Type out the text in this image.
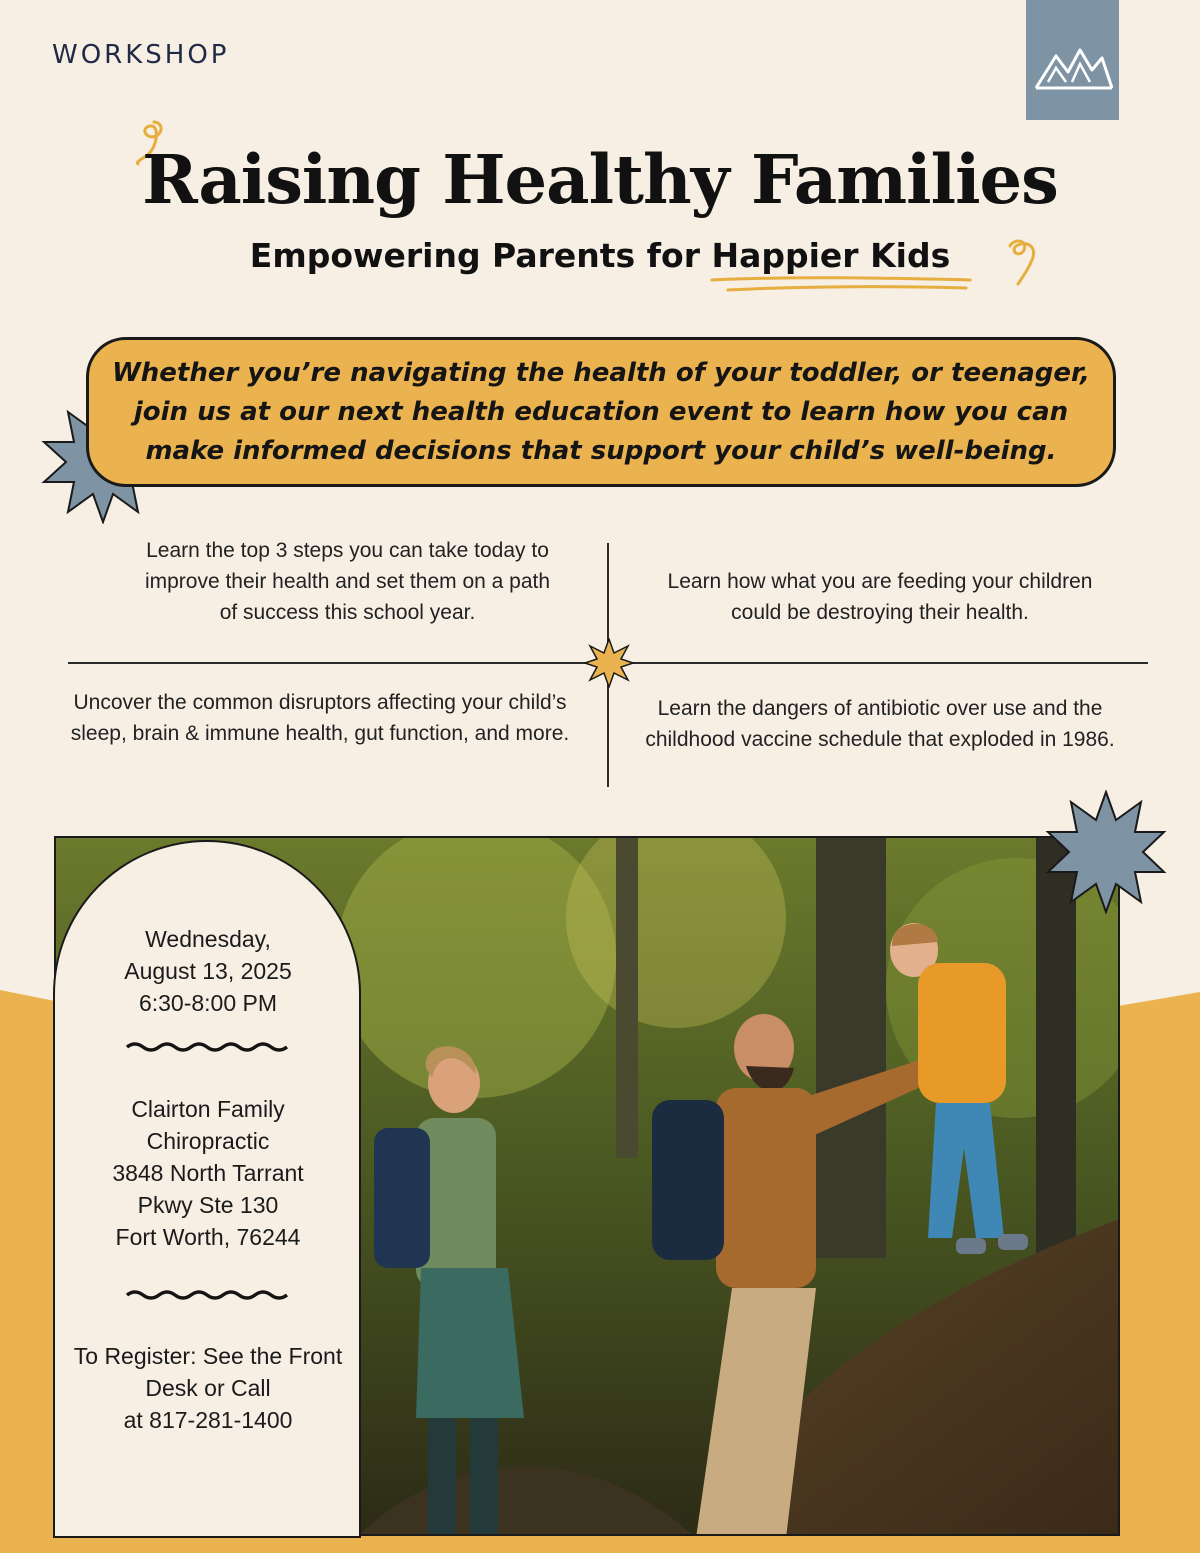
WORKSHOP
Raising Healthy Families
Empowering Parents for Happier Kids
Whether you’re navigating the health of your toddler, or teenager, join us at our next health education event to learn how you can make informed decisions that support your child’s well-being.
Learn the top 3 steps you can take today to improve their health and set them on a path of success this school year.
Learn how what you are feeding your children could be destroying their health.
Uncover the common disruptors affecting your child’s sleep, brain & immune health, gut function, and more.
Learn the dangers of antibiotic over use and the childhood vaccine schedule that exploded in 1986.
Wednesday,
August 13, 2025
6:30-8:00 PM
Clairton Family
Chiropractic
3848 North Tarrant
Pkwy Ste 130
Fort Worth, 76244
To Register: See the Front
Desk or Call
at 817-281-1400
